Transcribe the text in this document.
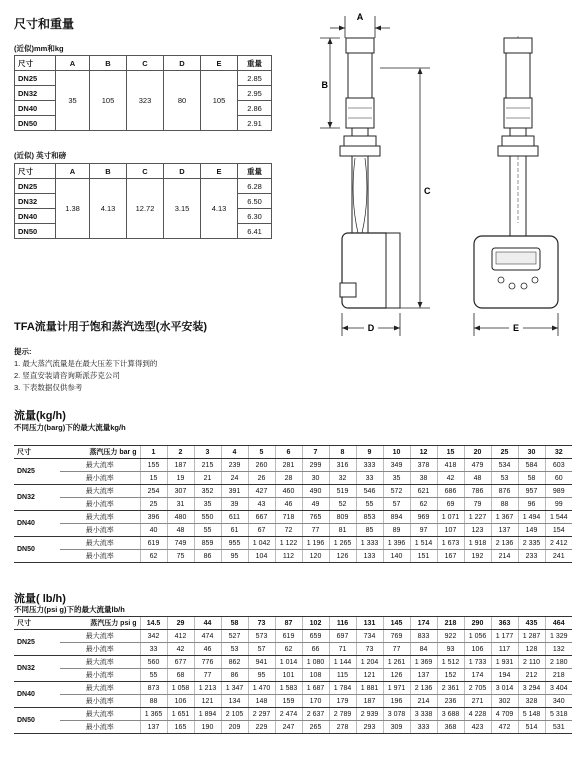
尺寸和重量
(近似)mm和kg
尺寸	A	B	C	D	E	重量
DN25	35	105	323	80	105	2.85
DN32						2.95
DN40						2.86
DN50						2.91
(近似) 英寸和磅
尺寸	A	B	C	D	E	重量
DN25	1.38	4.13	12.72	3.15	4.13	6.28
DN32						6.50
DN40						6.30
DN50						6.41
A
B
C
D	E
TFA流量计用于饱和蒸汽选型(水平安装)
提示:
1. 最大蒸汽流量是在最大压差下计算得到的
2. 竖直安装请咨询斯派莎克公司
3. 下表数据仅供参考
流量(kg/h)
不同压力(barg)下的最大流量kg/h
尺寸	蒸汽压力 bar g	1	2	3	4	5	6	7	8	9	10	12	15	20	25	30	32
DN25	最大流率	155	187	215	239	260	281	299	316	333	349	378	418	479	534	584	603
	最小流率	15	19	21	24	26	28	30	32	33	35	38	42	48	53	58	60
DN32	最大流率	254	307	352	391	427	460	490	519	546	572	621	686	786	876	957	989
	最小流率	25	31	35	39	43	46	49	52	55	57	62	69	79	88	96	99
DN40	最大流率	396	480	550	611	667	718	765	809	853	894	969	1 071	1 227	1 367	1 494	1 544
	最小流率	40	48	55	61	67	72	77	81	85	89	97	107	123	137	149	154
DN50	最大流率	619	749	859	955	1 042	1 122	1 196	1 265	1 333	1 396	1 514	1 673	1 918	2 136	2 335	2 412
	最小流率	62	75	86	95	104	112	120	126	133	140	151	167	192	214	233	241
流量( lb/h)
不同压力(psi g)下的最大流量lb/h
尺寸	蒸汽压力 psi g	14.5	29	44	58	73	87	102	116	131	145	174	218	290	363	435	464
DN25	最大流率	342	412	474	527	573	619	659	697	734	769	833	922	1 056	1 177	1 287	1 329
	最小流率	33	42	46	53	57	62	66	71	73	77	84	93	106	117	128	132
DN32	最大流率	560	677	776	862	941	1 014	1 080	1 144	1 204	1 261	1 369	1 512	1 733	1 931	2 110	2 180
	最小流率	55	68	77	86	95	101	108	115	121	126	137	152	174	194	212	218
DN40	最大流率	873	1 058	1 213	1 347	1 470	1 583	1 687	1 784	1 881	1 971	2 136	2 361	2 705	3 014	3 294	3 404
	最小流率	88	106	121	134	148	159	170	179	187	196	214	236	271	302	328	340
DN50	最大流率	1 365	1 651	1 894	2 105	2 297	2 474	2 637	2 789	2 939	3 078	3 338	3 688	4 228	4 709	5 148	5 318
	最小流率	137	165	190	209	229	247	265	278	293	309	333	368	423	472	514	531
